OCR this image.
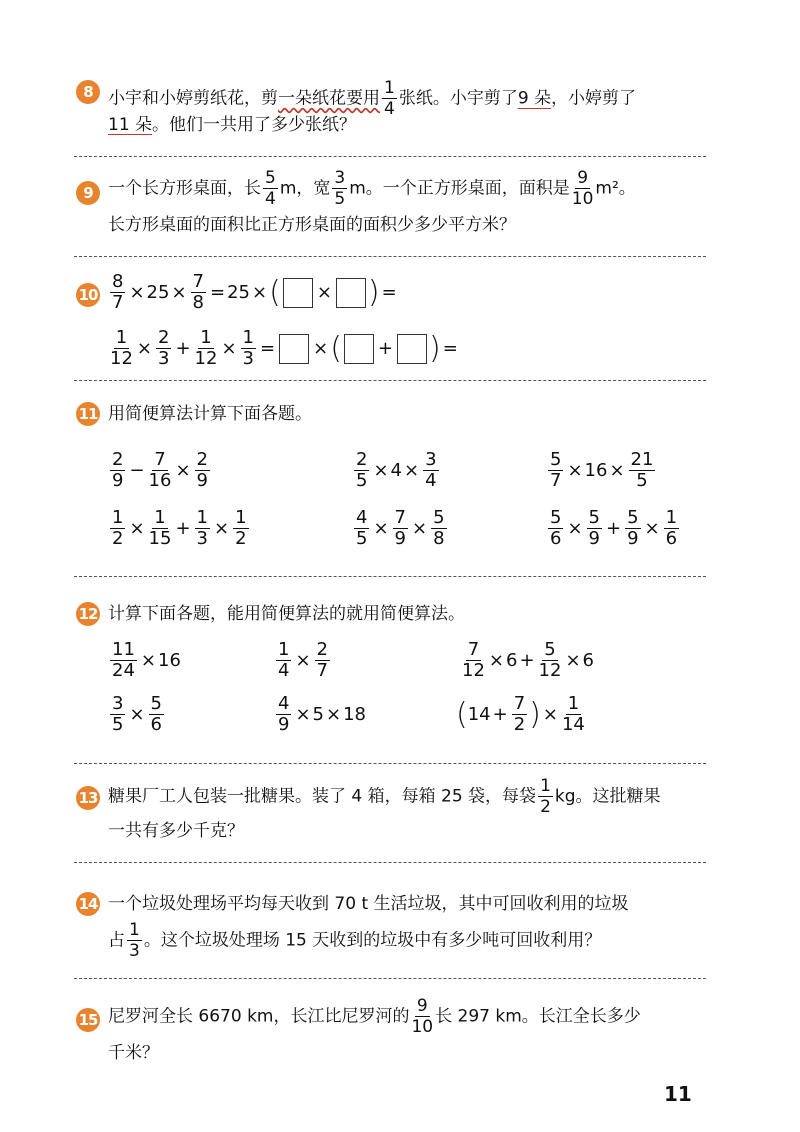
8 小宇和小婷剪纸花，剪一朵纸花要用 $\frac{1}{4}$ 张纸。小宇剪了9 朵，小婷剪了
11 朵。他们一共用了多少张纸？
9 一个长方形桌面，长 $\frac{5}{4}$ m，宽 $\frac{3}{5}$ m。一个正方形桌面，面积是 $\frac{9}{10} m^2$。
长方形桌面的面积比正方形桌面的面积少多少平方米？
$10 \frac{8}{7} \times 25 \times \frac{7}{8} = 25$ × ( × ) =
$\frac{1}{12} \times \frac{2}{3} + \frac{1}{12} \times \frac{1}{3}$ = × ( + ) =
11 用简便算法计算下面各题。
$\frac{2}{9} - \frac{7}{16} \times \frac{2}{9}$	$\frac{2}{5} \times 4 \times \frac{3}{4}$	$\frac{5}{7} \times 16 \times \frac{21}{5}$
$\frac{1}{2} \times \frac{1}{15} + \frac{1}{3} \times \frac{1}{2}$	$\frac{4}{5} \times \frac{7}{9} \times \frac{5}{8}$	$\frac{5}{6} \times \frac{5}{9} + \frac{5}{9} \times \frac{1}{6}$
12 计算下面各题，能用简便算法的就用简便算法。
$\frac{11}{24} \times 16$	$\frac{1}{4} \times \frac{2}{7}$	$\frac{7}{12} \times 6 + \frac{5}{12} \times 6$
$\frac{3}{5} \times \frac{5}{6}$	$\frac{4}{9} \times 5 \times 18$	( $14 + \frac{7}{2}$ ) × $\frac{1}{14}$
13 糖果厂工人包装一批糖果。装了 4 箱，每箱 25 袋，每袋 $\frac{1}{2}$ kg。这批糖果
一共有多少千克？
14 一个垃圾处理场平均每天收到 70 t 生活垃圾，其中可回收利用的垃圾
占 $\frac{1}{3}$ 。这个垃圾处理场 15 天收到的垃圾中有多少吨可回收利用？
15 尼罗河全长 6670 km，长江比尼罗河的 $\frac{9}{10}$ 长 297 km。长江全长多少
千米？
11
